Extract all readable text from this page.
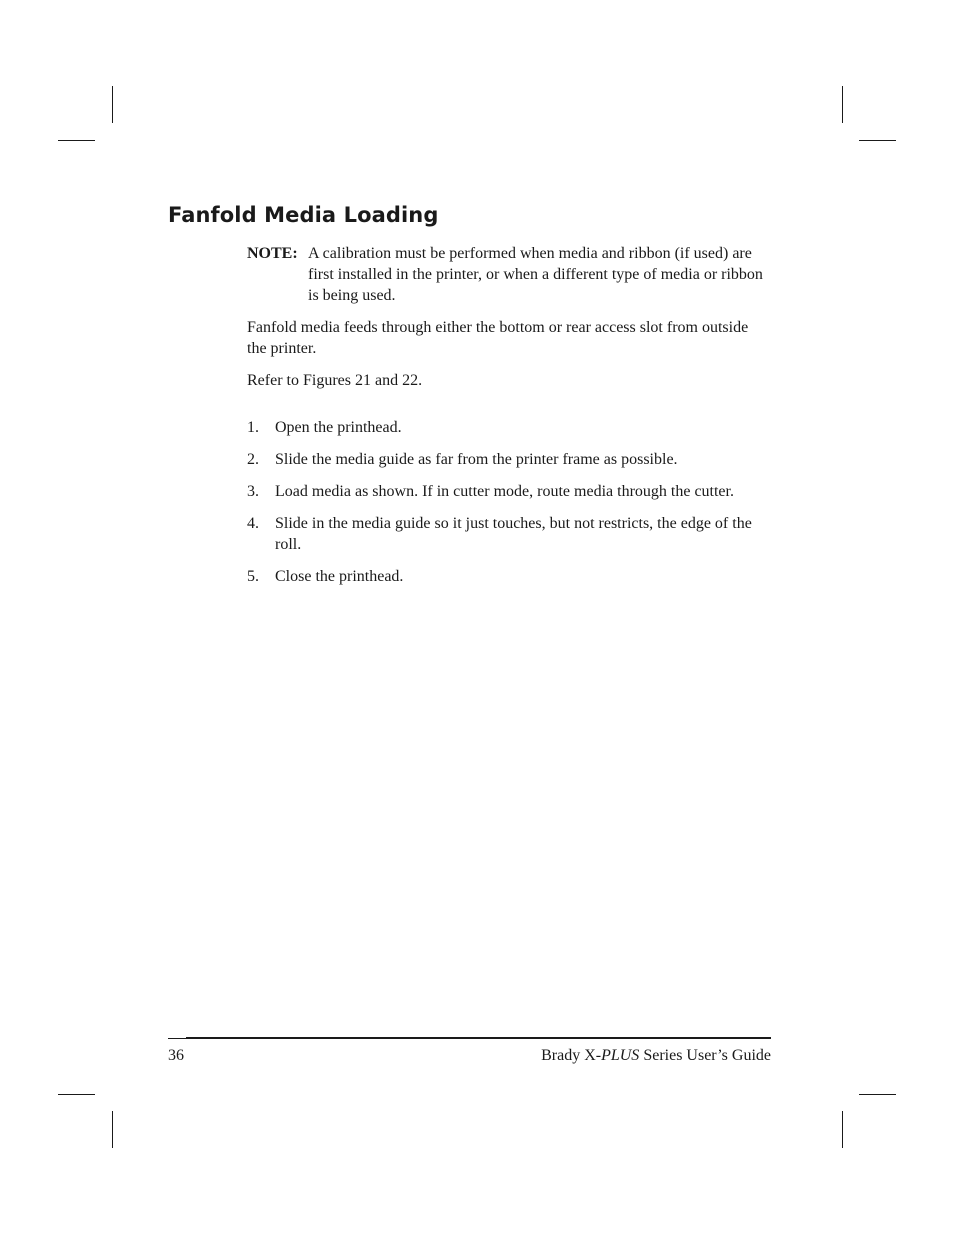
Fanfold Media Loading
NOTE: A calibration must be performed when media and ribbon (if used) are first installed in the printer, or when a different type of media or ribbon is being used.

Fanfold media feeds through either the bottom or rear access slot from outside the printer.

Refer to Figures 21 and 22.

1. Open the printhead.
2. Slide the media guide as far from the printer frame as possible.
3. Load media as shown. If in cutter mode, route media through the cutter.
4. Slide in the media guide so it just touches, but not restricts, the edge of the roll.
5. Close the printhead.
36	Brady X-PLUS Series User’s Guide
